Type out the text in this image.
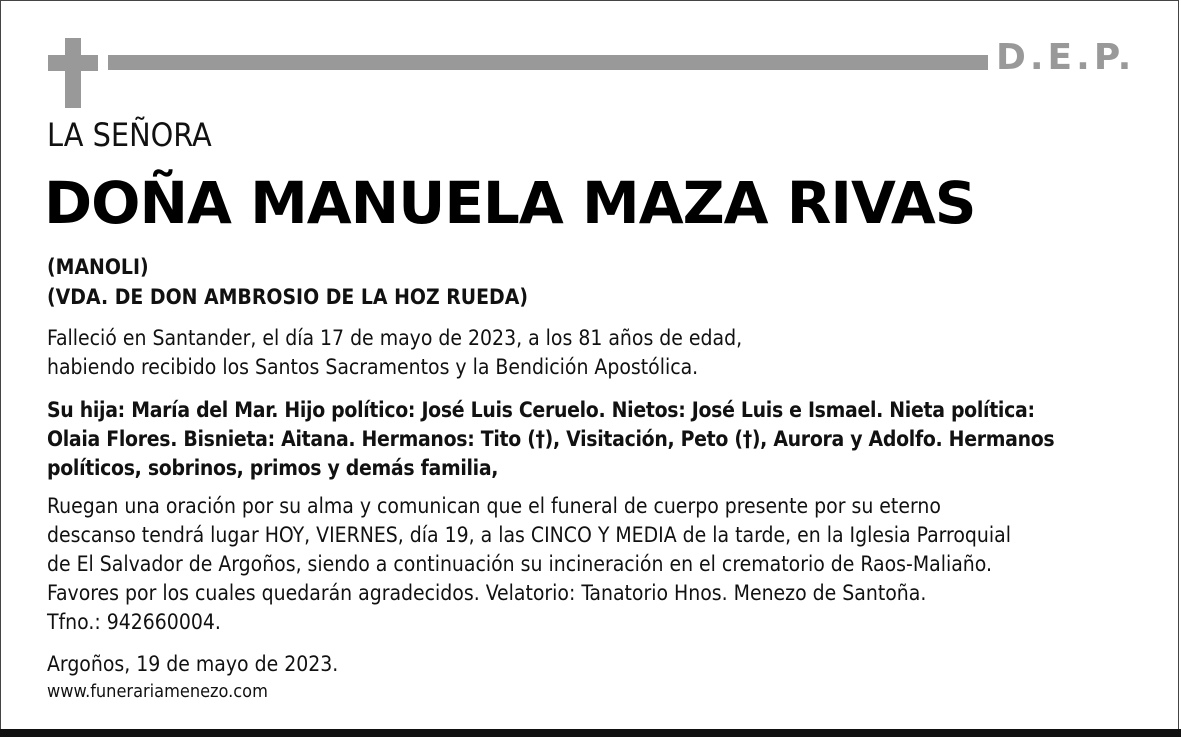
D.E.P.
LA SEÑORA
DOÑA MANUELA MAZA RIVAS
(MANOLI)
(VDA. DE DON AMBROSIO DE LA HOZ RUEDA)
Falleció en Santander, el día 17 de mayo de 2023, a los 81 años de edad,
habiendo recibido los Santos Sacramentos y la Bendición Apostólica.
Su hija: María del Mar. Hijo político: José Luis Ceruelo. Nietos: José Luis e Ismael. Nieta política:
Olaia Flores. Bisnieta: Aitana. Hermanos: Tito (†), Visitación, Peto (†), Aurora y Adolfo. Hermanos
políticos, sobrinos, primos y demás familia,
Ruegan una oración por su alma y comunican que el funeral de cuerpo presente por su eterno
descanso tendrá lugar HOY, VIERNES, día 19, a las CINCO Y MEDIA de la tarde, en la Iglesia Parroquial
de El Salvador de Argoños, siendo a continuación su incineración en el crematorio de Raos-Maliaño.
Favores por los cuales quedarán agradecidos. Velatorio: Tanatorio Hnos. Menezo de Santoña.
Tfno.: 942660004.
Argoños, 19 de mayo de 2023.
www.funerariamenezo.com
